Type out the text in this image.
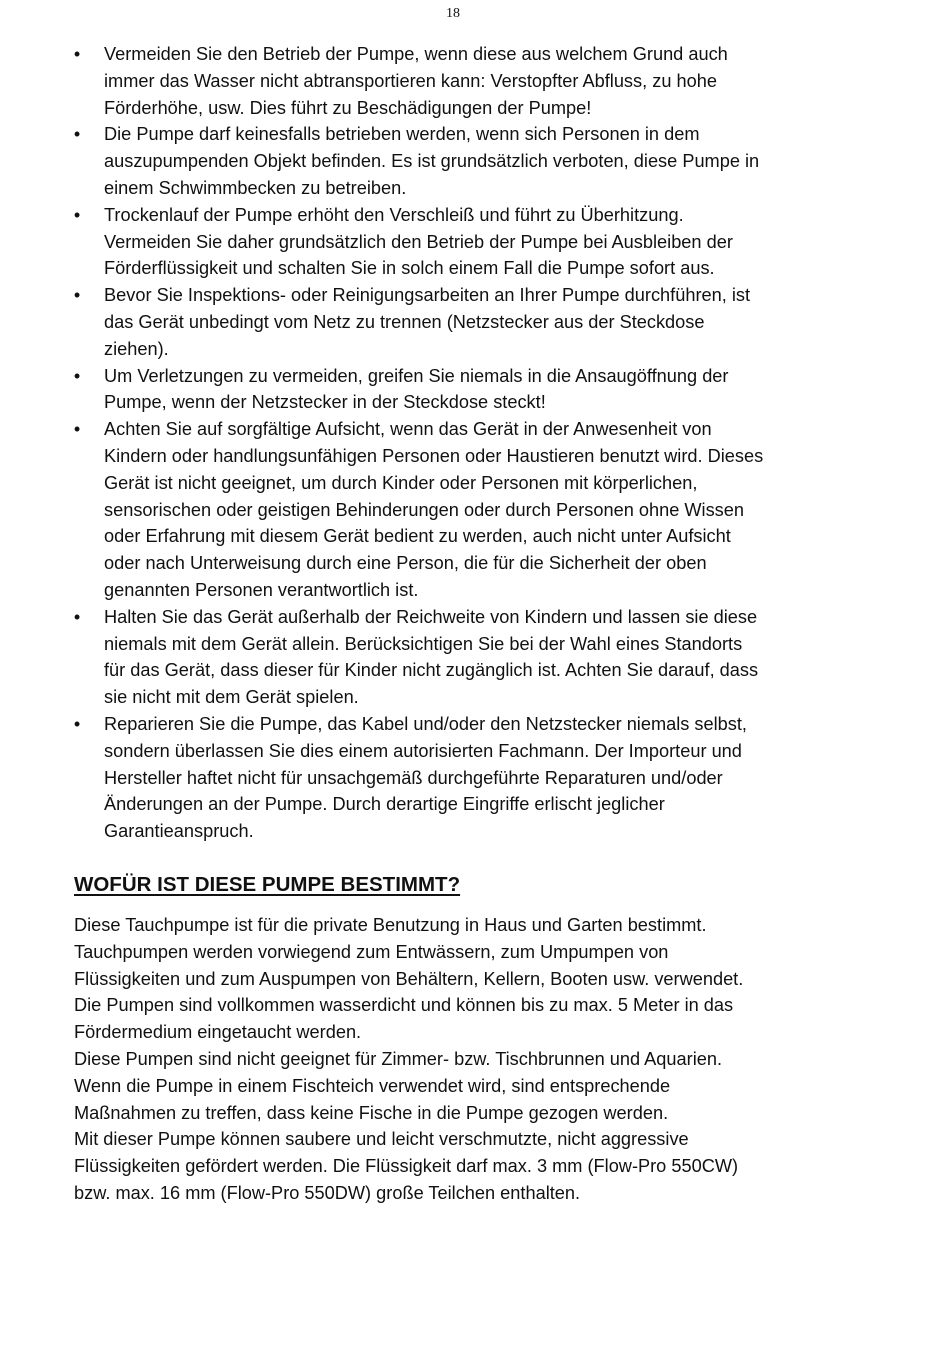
18
• Vermeiden Sie den Betrieb der Pumpe, wenn diese aus welchem Grund auch
immer das Wasser nicht abtransportieren kann: Verstopfter Abfluss, zu hohe
Förderhöhe, usw. Dies führt zu Beschädigungen der Pumpe!
• Die Pumpe darf keinesfalls betrieben werden, wenn sich Personen in dem
auszupumpenden Objekt befinden. Es ist grundsätzlich verboten, diese Pumpe in
einem Schwimmbecken zu betreiben.
• Trockenlauf der Pumpe erhöht den Verschleiß und führt zu Überhitzung.
Vermeiden Sie daher grundsätzlich den Betrieb der Pumpe bei Ausbleiben der
Förderflüssigkeit und schalten Sie in solch einem Fall die Pumpe sofort aus.
• Bevor Sie Inspektions- oder Reinigungsarbeiten an Ihrer Pumpe durchführen, ist
das Gerät unbedingt vom Netz zu trennen (Netzstecker aus der Steckdose
ziehen).
• Um Verletzungen zu vermeiden, greifen Sie niemals in die Ansaugöffnung der
Pumpe, wenn der Netzstecker in der Steckdose steckt!
• Achten Sie auf sorgfältige Aufsicht, wenn das Gerät in der Anwesenheit von
Kindern oder handlungsunfähigen Personen oder Haustieren benutzt wird. Dieses
Gerät ist nicht geeignet, um durch Kinder oder Personen mit körperlichen,
sensorischen oder geistigen Behinderungen oder durch Personen ohne Wissen
oder Erfahrung mit diesem Gerät bedient zu werden, auch nicht unter Aufsicht
oder nach Unterweisung durch eine Person, die für die Sicherheit der oben
genannten Personen verantwortlich ist.
• Halten Sie das Gerät außerhalb der Reichweite von Kindern und lassen sie diese
niemals mit dem Gerät allein. Berücksichtigen Sie bei der Wahl eines Standorts
für das Gerät, dass dieser für Kinder nicht zugänglich ist. Achten Sie darauf, dass
sie nicht mit dem Gerät spielen.
• Reparieren Sie die Pumpe, das Kabel und/oder den Netzstecker niemals selbst,
sondern überlassen Sie dies einem autorisierten Fachmann. Der Importeur und
Hersteller haftet nicht für unsachgemäß durchgeführte Reparaturen und/oder
Änderungen an der Pumpe. Durch derartige Eingriffe erlischt jeglicher
Garantieanspruch.
WOFÜR IST DIESE PUMPE BESTIMMT?

Diese Tauchpumpe ist für die private Benutzung in Haus und Garten bestimmt.

Tauchpumpen werden vorwiegend zum Entwässern, zum Umpumpen von

Flüssigkeiten und zum Auspumpen von Behältern, Kellern, Booten usw. verwendet.

Die Pumpen sind vollkommen wasserdicht und können bis zu max. 5 Meter in das

Fördermedium eingetaucht werden.

Diese Pumpen sind nicht geeignet für Zimmer- bzw. Tischbrunnen und Aquarien.

Wenn die Pumpe in einem Fischteich verwendet wird, sind entsprechende

Maßnahmen zu treffen, dass keine Fische in die Pumpe gezogen werden.

Mit dieser Pumpe können saubere und leicht verschmutzte, nicht aggressive

Flüssigkeiten gefördert werden. Die Flüssigkeit darf max. 3 mm (Flow-Pro 550CW)

bzw. max. 16 mm (Flow-Pro 550DW) große Teilchen enthalten.
